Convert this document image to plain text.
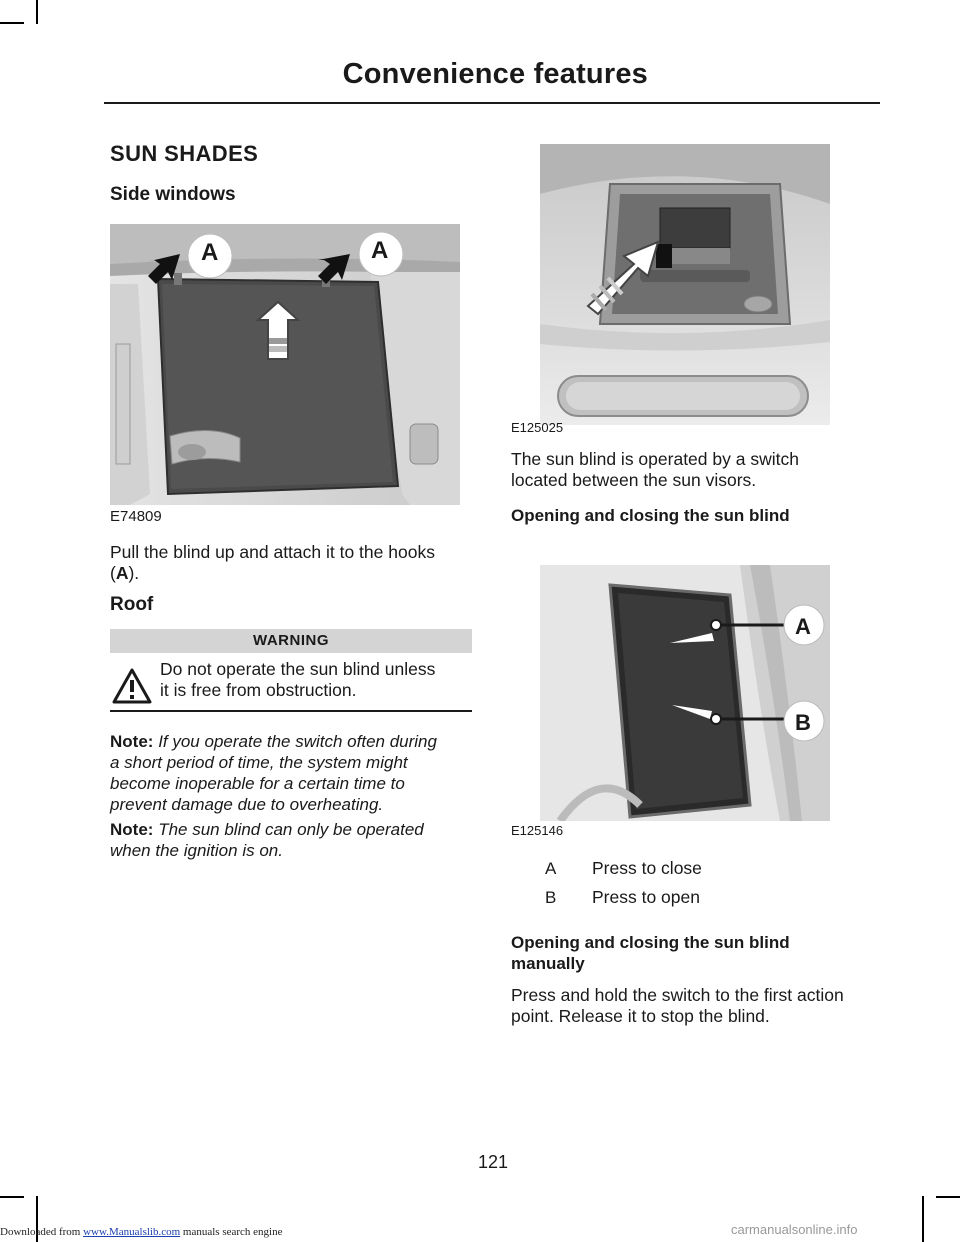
Convenience features
SUN SHADES
Side windows
A	A
E74809
Pull the blind up and attach it to the hooks
(A).
Roof
WARNING
Do not operate the sun blind unless
it is free from obstruction.
Note: If you operate the switch often during
a short period of time, the system might
become inoperable for a certain time to
prevent damage due to overheating.
Note: The sun blind can only be operated
when the ignition is on.
E125025
The sun blind is operated by a switch
located between the sun visors.
Opening and closing the sun blind
A
B
E125146
A Press to close
B Press to open
Opening and closing the sun blind
manually
Press and hold the switch to the first action
point. Release it to stop the blind.
121
Downloaded from www.Manualslib.com manuals search engine	carmanualsonline.info
